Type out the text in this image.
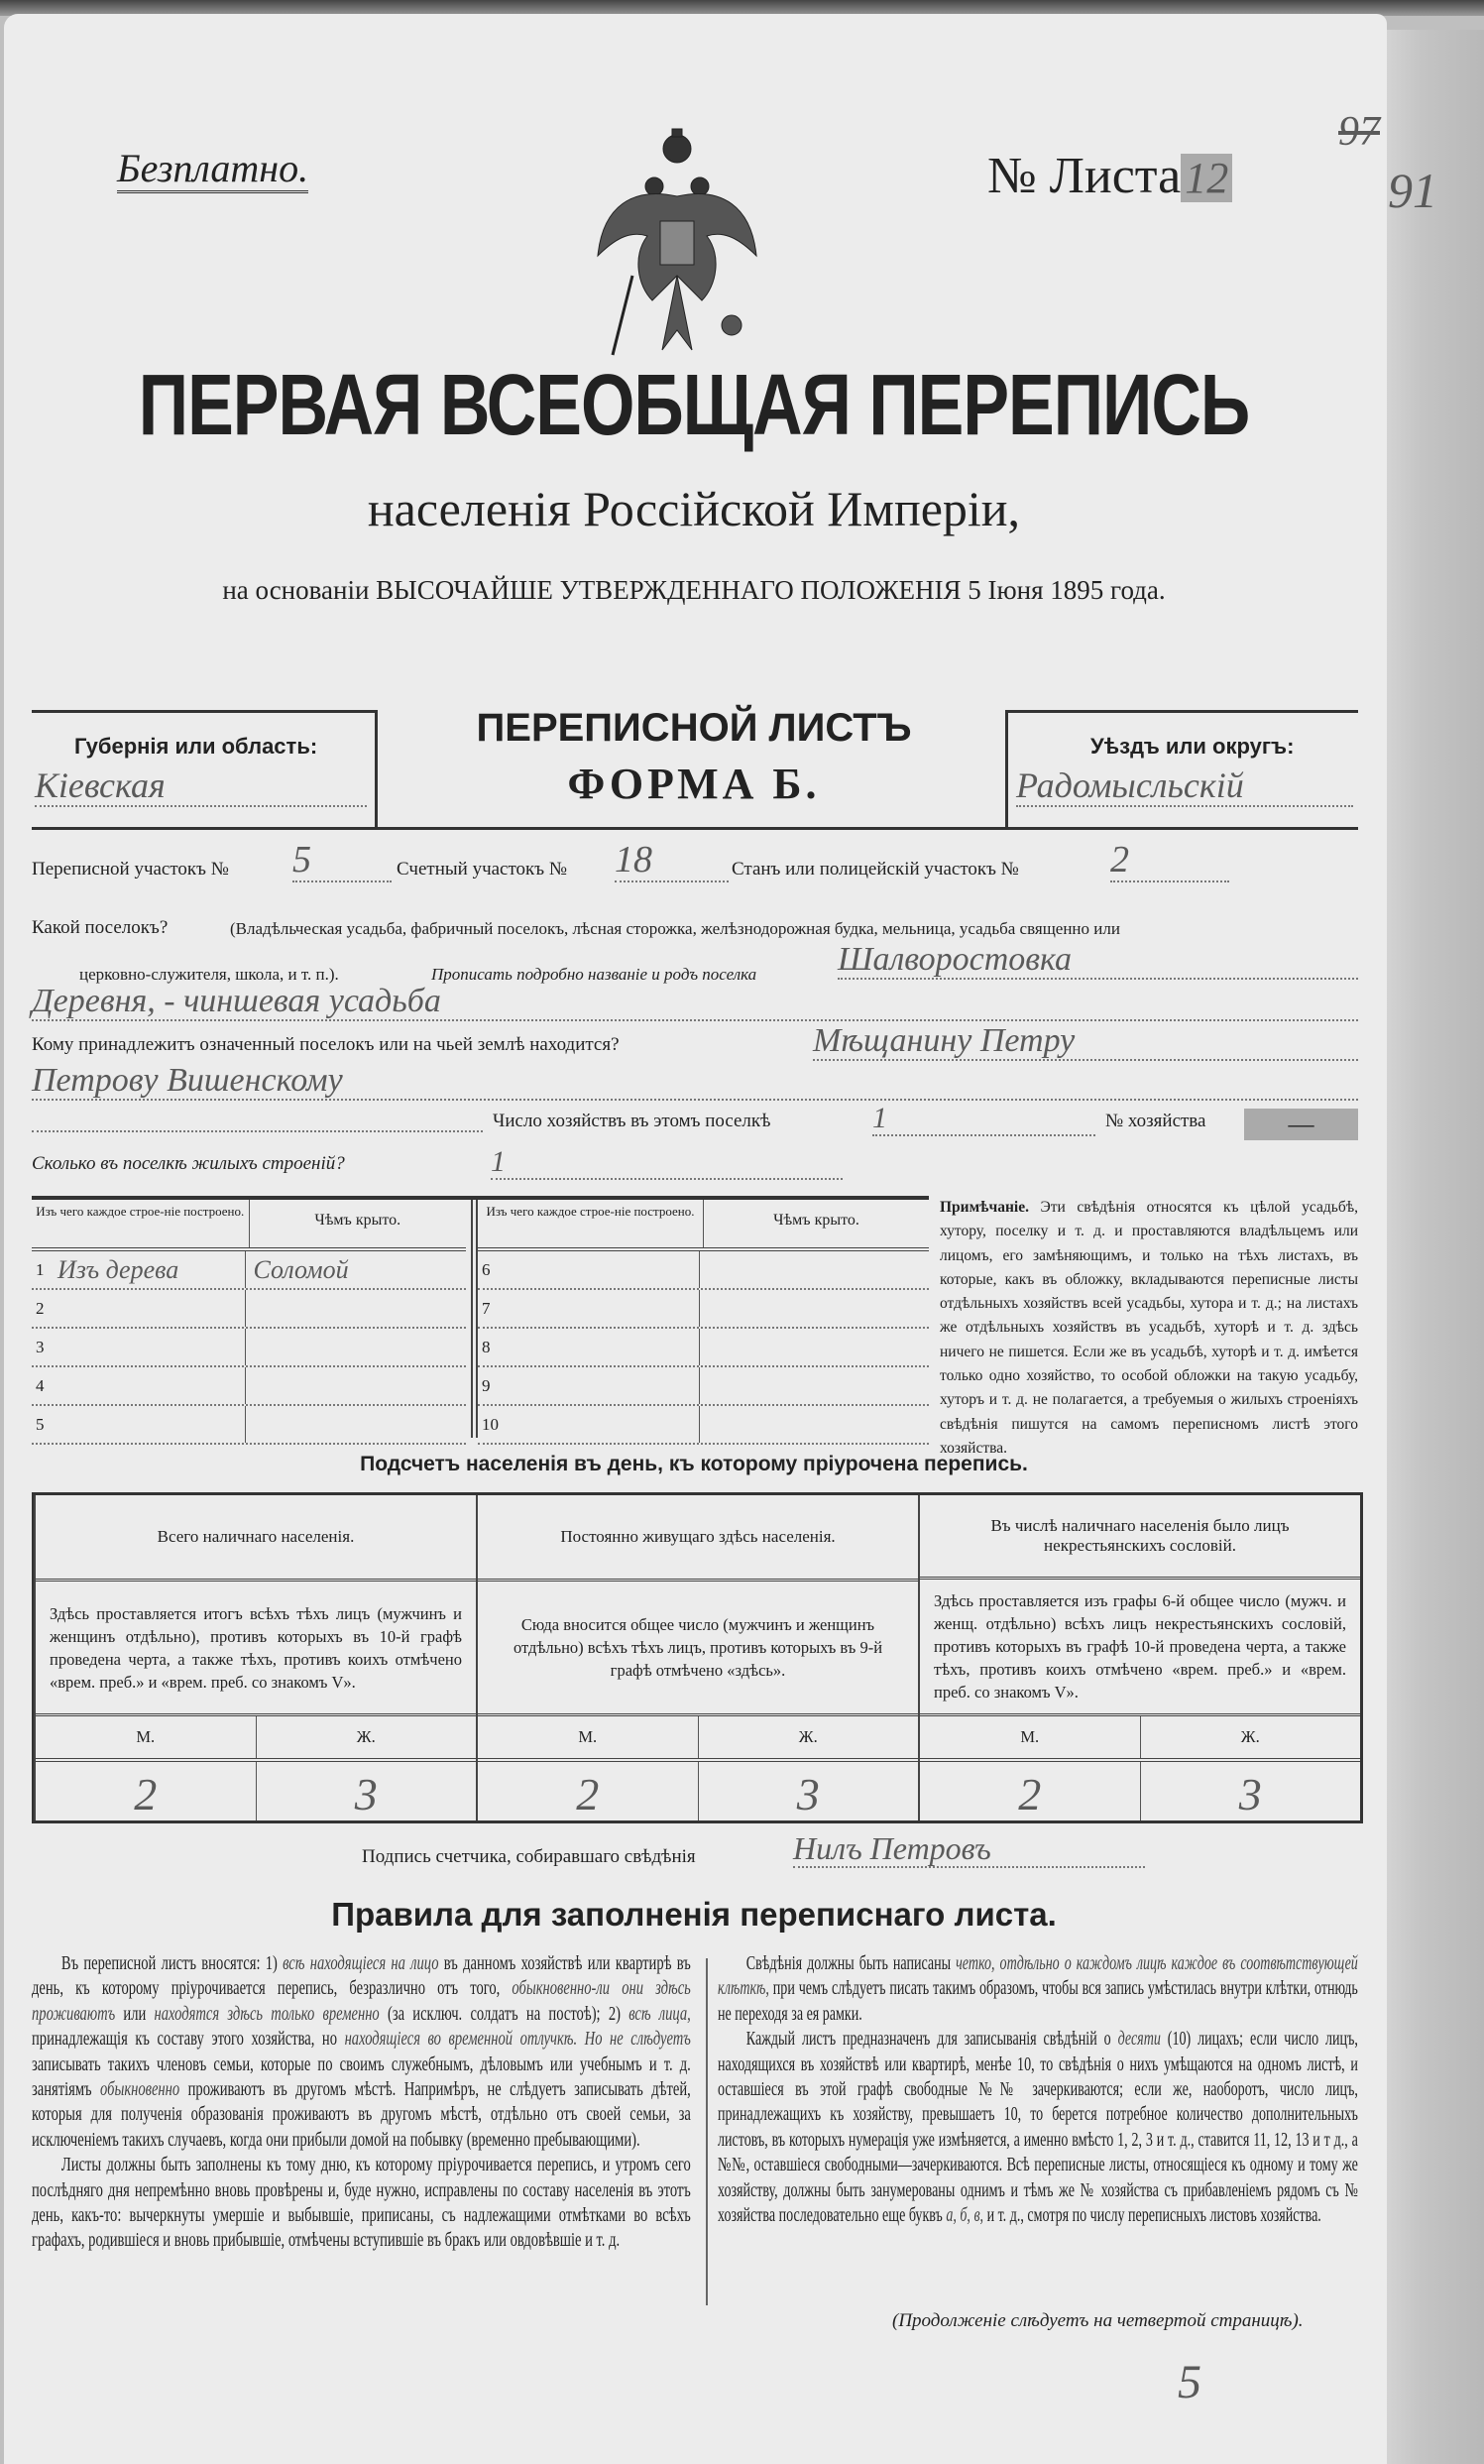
Безплатно.	№ Листа12
97
91
ПЕРВАЯ ВСЕОБЩАЯ ПЕРЕПИСЬ
населенія Россійской Имперіи,
на основаніи ВЫСОЧАЙШЕ УТВЕРЖДЕННАГО ПОЛОЖЕНІЯ 5 Іюня 1895 года.
Губернія или область:
Кіевская
ПЕРЕПИСНОЙ ЛИСТЪ
ФОРМА Б.
Уѣздъ или округъ:
Радомысльскій
Переписной участокъ № 5	Счетный участокъ № 18	Станъ или полицейскій участокъ № 2
Какой поселокъ?	(Владѣльческая усадьба, фабричный поселокъ, лѣсная сторожка, желѣзнодорожная будка, мельница, усадьба священно или
церковно-служителя, школа, и т. п.).	Прописать подробно названіе и родъ поселка Шалворостовка
Деревня, - чиншевая усадьба
Кому принадлежитъ означенный поселокъ или на чьей землѣ находится?	Мѣщанину Петру
Петрову Вишенскому
Число хозяйствъ въ этомъ поселкѣ	1	№ хозяйства	—
Сколько въ поселкѣ жилыхъ строеній?	1
Изъ чего каждое строе-ніе построено.
Чѣмъ крыто.
1 Изъ дерева	Соломой
2
3
4
5
Изъ чего каждое строе-ніе построено.
Чѣмъ крыто.
6
7
8
9
10
Примѣчаніе. Эти свѣдѣнія относятся къ цѣлой усадьбѣ, хутору, поселку и т. д. и проставляются владѣльцемъ или лицомъ, его замѣняющимъ, и только на тѣхъ листахъ, въ которые, какъ въ обложку, вкладываются переписные листы отдѣльныхъ хозяйствъ всей усадьбы, хутора и т. д.; на листахъ же отдѣльныхъ хозяйствъ въ усадьбѣ, хуторѣ и т. д. здѣсь ничего не пишется. Если же въ усадьбѣ, хуторѣ и т. д. имѣется только одно хозяйство, то особой обложки на такую усадьбу, хуторъ и т. д. не полагается, а требуемыя о жилыхъ строеніяхъ свѣдѣнія пишутся на самомъ переписномъ листѣ этого хозяйства.
Подсчетъ населенія въ день, къ которому пріурочена перепись.
Всего наличнаго населенія.
Здѣсь проставляется итогъ всѣхъ тѣхъ лицъ (мужчинъ и женщинъ отдѣльно), противъ которыхъ въ 10-й графѣ проведена черта, а также тѣхъ, противъ коихъ отмѣчено «врем. преб.» и «врем. преб. со знакомъ V».
М.	Ж.
2	3
Постоянно живущаго здѣсь населенія.
Сюда вносится общее число (мужчинъ и женщинъ отдѣльно) всѣхъ тѣхъ лицъ, противъ которыхъ въ 9-й графѣ отмѣчено «здѣсь».
М.	Ж.
2	3
Въ числѣ наличнаго населенія было лицъ некрестьянскихъ сословій.
Здѣсь проставляется изъ графы 6-й общее число (мужч. и женщ. отдѣльно) всѣхъ лицъ некрестьянскихъ сословій, противъ которыхъ въ графѣ 10-й проведена черта, а также тѣхъ, противъ коихъ отмѣчено «врем. преб.» и «врем. преб. со знакомъ V».
М.	Ж.
2	3
Подпись счетчика, собиравшаго свѣдѣнія	Нилъ Петровъ
Правила для заполненія переписнаго листа.

Въ переписной листъ вносятся: 1) всѣ находящіеся на лицо въ данномъ хозяйствѣ или квартирѣ въ день, къ которому пріурочивается перепись, безразлично отъ того, обыкновенно-ли они здѣсь проживаютъ или находятся здѣсь только временно (за исключ. солдатъ на постоѣ); 2) всѣ лица, принадлежащія къ составу этого хозяйства, но находящіеся во временной отлучкѣ. Но не слѣдуетъ записывать такихъ членовъ семьи, которые по своимъ служебнымъ, дѣловымъ или учебнымъ и т. д. занятіямъ обыкновенно проживаютъ въ другомъ мѣстѣ. Напримѣръ, не слѣдуетъ записывать дѣтей, которыя для полученія образованія проживаютъ въ другомъ мѣстѣ, отдѣльно отъ своей семьи, за исключеніемъ такихъ случаевъ, когда они прибыли домой на побывку (временно пребывающими).

Листы должны быть заполнены къ тому дню, къ которому пріурочивается перепись, и утромъ сего послѣдняго дня непремѣнно вновь провѣрены и, буде нужно, исправлены по составу населенія въ этотъ день, какъ-то: вычеркнуты умершіе и выбывшіе, приписаны, съ надлежащими отмѣтками во всѣхъ графахъ, родившіеся и вновь прибывшіе, отмѣчены вступившіе въ бракъ или овдовѣвшіе и т. д.

Свѣдѣнія должны быть написаны четко, отдѣльно о каждомъ лицѣ каждое въ соотвѣтствующей клѣткѣ, при чемъ слѣдуетъ писать такимъ образомъ, чтобы вся запись умѣстилась внутри клѣтки, отнюдь не переходя за ея рамки.

Каждый листъ предназначенъ для записыванія свѣдѣній о десяти (10) лицахъ; если число лицъ, находящихся въ хозяйствѣ или квартирѣ, менѣе 10, то свѣдѣнія о нихъ умѣщаются на одномъ листѣ, и оставшіеся въ этой графѣ свободные №№ зачеркиваются; если же, наоборотъ, число лицъ, принадлежащихъ къ хозяйству, превышаетъ 10, то берется потребное количество дополнительныхъ листовъ, въ которыхъ нумерація уже измѣняется, а именно вмѣсто 1, 2, 3 и т. д., ставится 11, 12, 13 и т д., а №№, оставшіеся свободными—зачеркиваются. Всѣ переписные листы, относящіеся къ одному и тому же хозяйству, должны быть занумерованы однимъ и тѣмъ же № хозяйства съ прибавленіемъ рядомъ съ № хозяйства последовательно еще буквъ а, б, в, и т. д., смотря по числу переписныхъ листовъ хозяйства.

(Продолженіе слѣдуетъ на четвертой страницѣ).
5
